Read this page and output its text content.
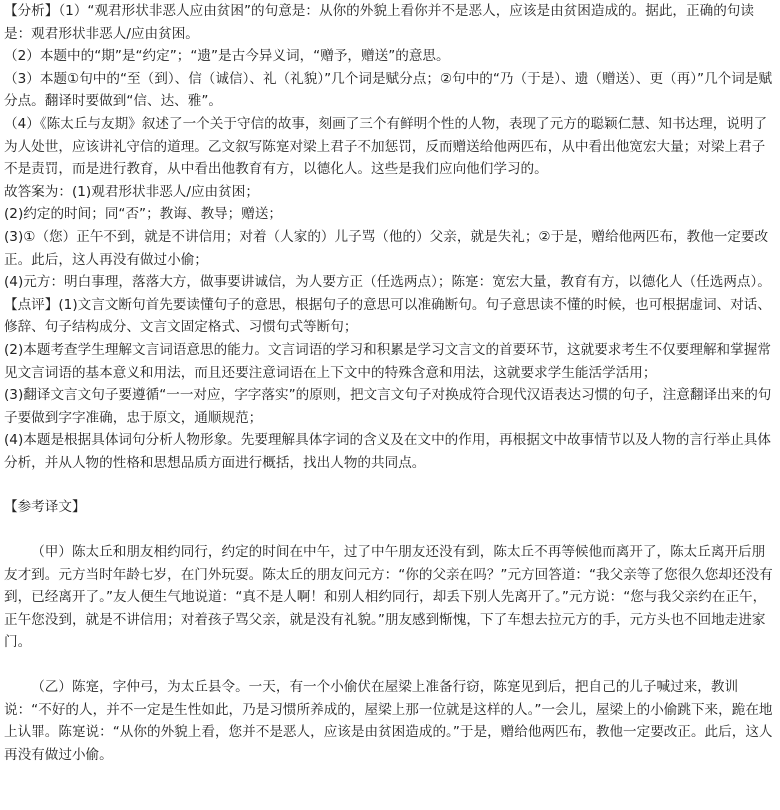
【分析】（1）“观君形状非恶人应由贫困”的句意是：从你的外貌上看你并不是恶人，应该是由贫困造成的。据此，正确的句读是：观君形状非恶人/应由贫困。

（2）本题中的“期”是“约定”；“遗”是古今异义词，“赠予，赠送”的意思。

（3）本题①句中的“至（到）、信（诚信）、礼（礼貌）”几个词是赋分点；②句中的“乃（于是）、遗（赠送）、更（再）”几个词是赋分点。翻译时要做到“信、达、雅”。

（4）《陈太丘与友期》叙述了一个关于守信的故事，刻画了三个有鲜明个性的人物，表现了元方的聪颖仁慧、知书达理，说明了为人处世，应该讲礼守信的道理。乙文叙写陈寔对梁上君子不加惩罚，反而赠送给他两匹布，从中看出他宽宏大量；对梁上君子不是责罚，而是进行教育，从中看出他教育有方，以德化人。这些是我们应向他们学习的。

故答案为：(1)观君形状非恶人/应由贫困；

(2)约定的时间；同“否”；教诲、教导；赠送；

(3)①（您）正午不到，就是不讲信用；对着（人家的）儿子骂（他的）父亲，就是失礼；②于是，赠给他两匹布，教他一定要改正。此后，这人再没有做过小偷；

(4)元方：明白事理，落落大方，做事要讲诚信，为人要方正（任选两点）；陈寔：宽宏大量，教育有方，以德化人（任选两点）。

【点评】(1)文言文断句首先要读懂句子的意思，根据句子的意思可以准确断句。句子意思读不懂的时候，也可根据虚词、对话、修辞、句子结构成分、文言文固定格式、习惯句式等断句；

(2)本题考查学生理解文言词语意思的能力。文言词语的学习和积累是学习文言文的首要环节，这就要求考生不仅要理解和掌握常见文言词语的基本意义和用法，而且还要注意词语在上下文中的特殊含意和用法，这就要求学生能活学活用；

(3)翻译文言文句子要遵循“一一对应，字字落实”的原则，把文言文句子对换成符合现代汉语表达习惯的句子，注意翻译出来的句子要做到字字准确，忠于原文，通顺规范；

(4)本题是根据具体词句分析人物形象。先要理解具体字词的含义及在文中的作用，再根据文中故事情节以及人物的言行举止具体分析，并从人物的性格和思想品质方面进行概括，找出人物的共同点。

【参考译文】

（甲）陈太丘和朋友相约同行，约定的时间在中午，过了中午朋友还没有到，陈太丘不再等候他而离开了，陈太丘离开后朋友才到。元方当时年龄七岁，在门外玩耍。陈太丘的朋友问元方：“你的父亲在吗？”元方回答道：“我父亲等了您很久您却还没有到，已经离开了。”友人便生气地说道：“真不是人啊！和别人相约同行，却丢下别人先离开了。”元方说：“您与我父亲约在正午，正午您没到，就是不讲信用；对着孩子骂父亲，就是没有礼貌。”朋友感到惭愧，下了车想去拉元方的手，元方头也不回地走进家门。

（乙）陈寔，字仲弓，为太丘县令。一天，有一个小偷伏在屋梁上准备行窃，陈寔见到后，把自己的儿子喊过来，教训说：“不好的人，并不一定是生性如此，乃是习惯所养成的，屋梁上那一位就是这样的人。”一会儿，屋梁上的小偷跳下来，跪在地上认罪。陈寔说：“从你的外貌上看，您并不是恶人，应该是由贫困造成的。”于是，赠给他两匹布，教他一定要改正。此后，这人再没有做过小偷。
